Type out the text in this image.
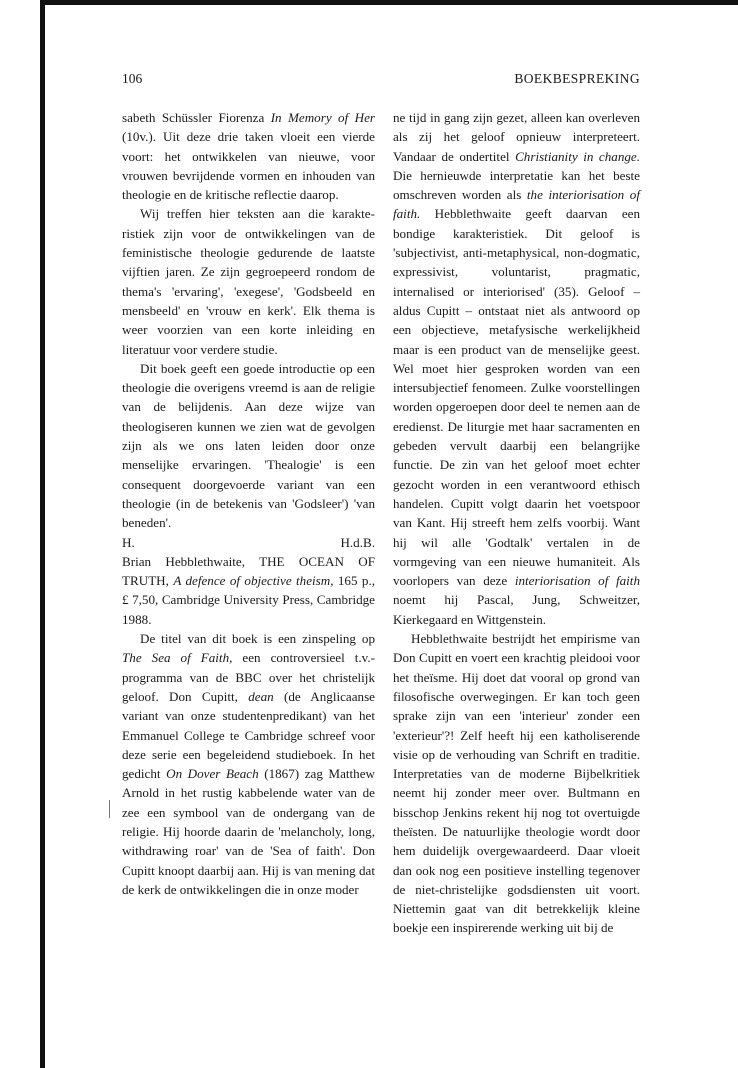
106	BOEKBESPREKING

sabeth Schüssler Fiorenza In Memory of Her (10v.). Uit deze drie taken vloeit een vierde voort: het ontwikkelen van nieuwe, voor vrouwen bevrijdende vormen en inhouden van theologie en de kritische reflectie daarop.

Wij treffen hier teksten aan die karakteristiek zijn voor de ontwikkelingen van de feministische theologie gedurende de laatste vijftien jaren. Ze zijn gegroepeerd rondom de thema's 'ervaring', 'exegese', 'Godsbeeld en mensbeeld' en 'vrouw en kerk'. Elk thema is weer voorzien van een korte inleiding en literatuur voor verdere studie.

Dit boek geeft een goede introductie op een theologie die overigens vreemd is aan de religie van de belijdenis. Aan deze wijze van theologiseren kunnen we zien wat de gevolgen zijn als we ons laten leiden door onze menselijke ervaringen. 'Thealogie' is een consequent doorgevoerde variant van een theologie (in de betekenis van 'Godsleer') 'van beneden'.

H.	H.d.B.

Brian Hebblethwaite, THE OCEAN OF TRUTH, A defence of objective theism, 165 p., £ 7,50, Cambridge University Press, Cambridge 1988.

De titel van dit boek is een zinspeling op The Sea of Faith, een controversieel t.v.-programma van de BBC over het christelijk geloof. Don Cupitt, dean (de Anglicaanse variant van onze studentenpredikant) van het Emmanuel College te Cambridge schreef voor deze serie een begeleidend studieboek. In het gedicht On Dover Beach (1867) zag Matthew Arnold in het rustig kabbelende water van de zee een symbool van de ondergang van de religie. Hij hoorde daarin de 'melancholy, long, withdrawing roar' van de 'Sea of faith'. Don Cupitt knoopt daarbij aan. Hij is van mening dat de kerk de ontwikkelingen die in onze moder

ne tijd in gang zijn gezet, alleen kan overleven als zij het geloof opnieuw interpreteert. Vandaar de ondertitel Christianity in change. Die hernieuwde interpretatie kan het beste omschreven worden als the interiorisation of faith. Hebblethwaite geeft daarvan een bondige karakteristiek. Dit geloof is 'subjectivist, anti-metaphysical, non-dogmatic, expressivist, voluntarist, pragmatic, internalised or interiorised' (35). Geloof – aldus Cupitt – ontstaat niet als antwoord op een objectieve, metafysische werkelijkheid maar is een product van de menselijke geest. Wel moet hier gesproken worden van een intersubjectief fenomeen. Zulke voorstellingen worden opgeroepen door deel te nemen aan de eredienst. De liturgie met haar sacramenten en gebeden vervult daarbij een belangrijke functie. De zin van het geloof moet echter gezocht worden in een verantwoord ethisch handelen. Cupitt volgt daarin het voetspoor van Kant. Hij streeft hem zelfs voorbij. Want hij wil alle 'Godtalk' vertalen in de vormgeving van een nieuwe humaniteit. Als voorlopers van deze interiorisation of faith noemt hij Pascal, Jung, Schweitzer, Kierkegaard en Wittgenstein.

Hebblethwaite bestrijdt het empirisme van Don Cupitt en voert een krachtig pleidooi voor het theïsme. Hij doet dat vooral op grond van filosofische overwegingen. Er kan toch geen sprake zijn van een 'interieur' zonder een 'exterieur'?! Zelf heeft hij een katholiserende visie op de verhouding van Schrift en traditie. Interpretaties van de moderne Bijbelkritiek neemt hij zonder meer over. Bultmann en bisschop Jenkins rekent hij nog tot overtuigde theïsten. De natuurlijke theologie wordt door hem duidelijk overgewaardeerd. Daar vloeit dan ook nog een positieve instelling tegenover de niet-christelijke godsdiensten uit voort. Niettemin gaat van dit betrekkelijk kleine boekje een inspirerende werking uit bij de
